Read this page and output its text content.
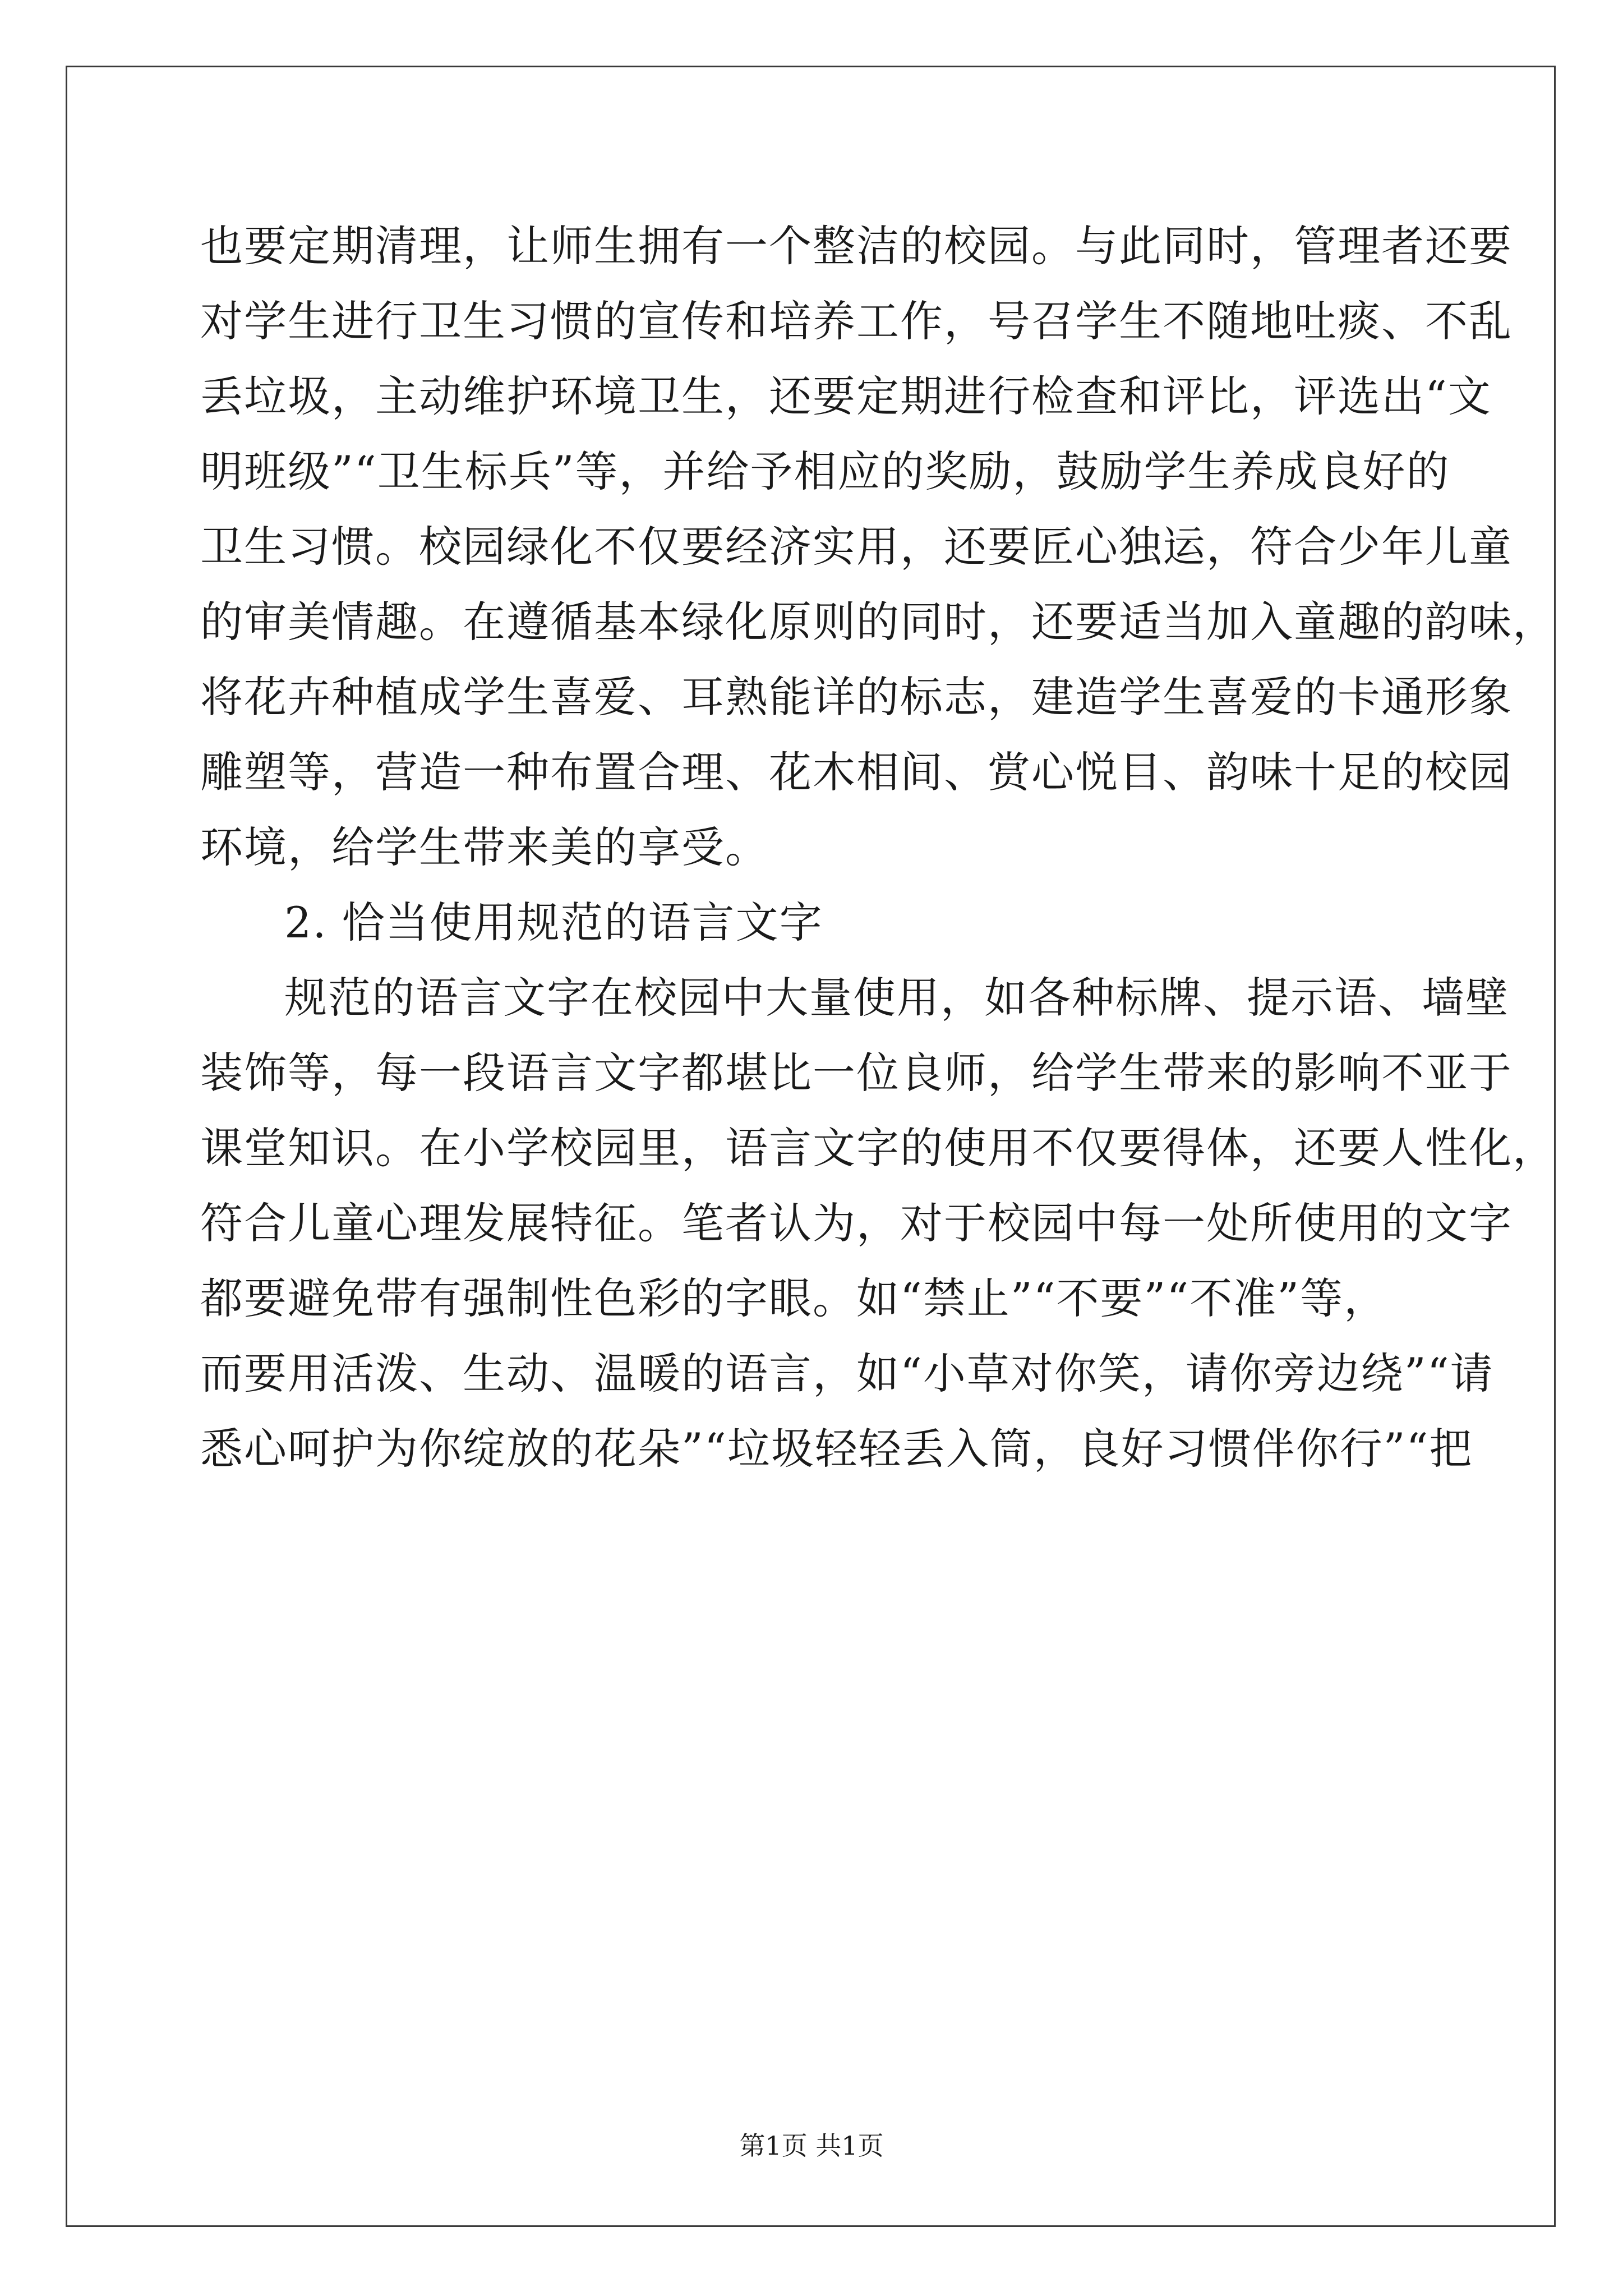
也要定期清理，让师生拥有一个整洁的校园。与此同时，管理者还要
对学生进行卫生习惯的宣传和培养工作，号召学生不随地吐痰、不乱
丢垃圾，主动维护环境卫生，还要定期进行检查和评比，评选出“文
明班级”“卫生标兵”等，并给予相应的奖励，鼓励学生养成良好的
卫生习惯。校园绿化不仅要经济实用，还要匠心独运，符合少年儿童
的审美情趣。在遵循基本绿化原则的同时，还要适当加入童趣的韵味，
将花卉种植成学生喜爱、耳熟能详的标志，建造学生喜爱的卡通形象
雕塑等，营造一种布置合理、花木相间、赏心悦目、韵味十足的校园
环境，给学生带来美的享受。
2. 恰当使用规范的语言文字
规范的语言文字在校园中大量使用，如各种标牌、提示语、墙壁
装饰等，每一段语言文字都堪比一位良师，给学生带来的影响不亚于
课堂知识。在小学校园里，语言文字的使用不仅要得体，还要人性化，
符合儿童心理发展特征。笔者认为，对于校园中每一处所使用的文字
都要避免带有强制性色彩的字眼。如“禁止”“不要”“不准”等，
而要用活泼、生动、温暖的语言，如“小草对你笑，请你旁边绕”“请
悉心呵护为你绽放的花朵”“垃圾轻轻丢入筒，良好习惯伴你行”“把
第1页 共1页
